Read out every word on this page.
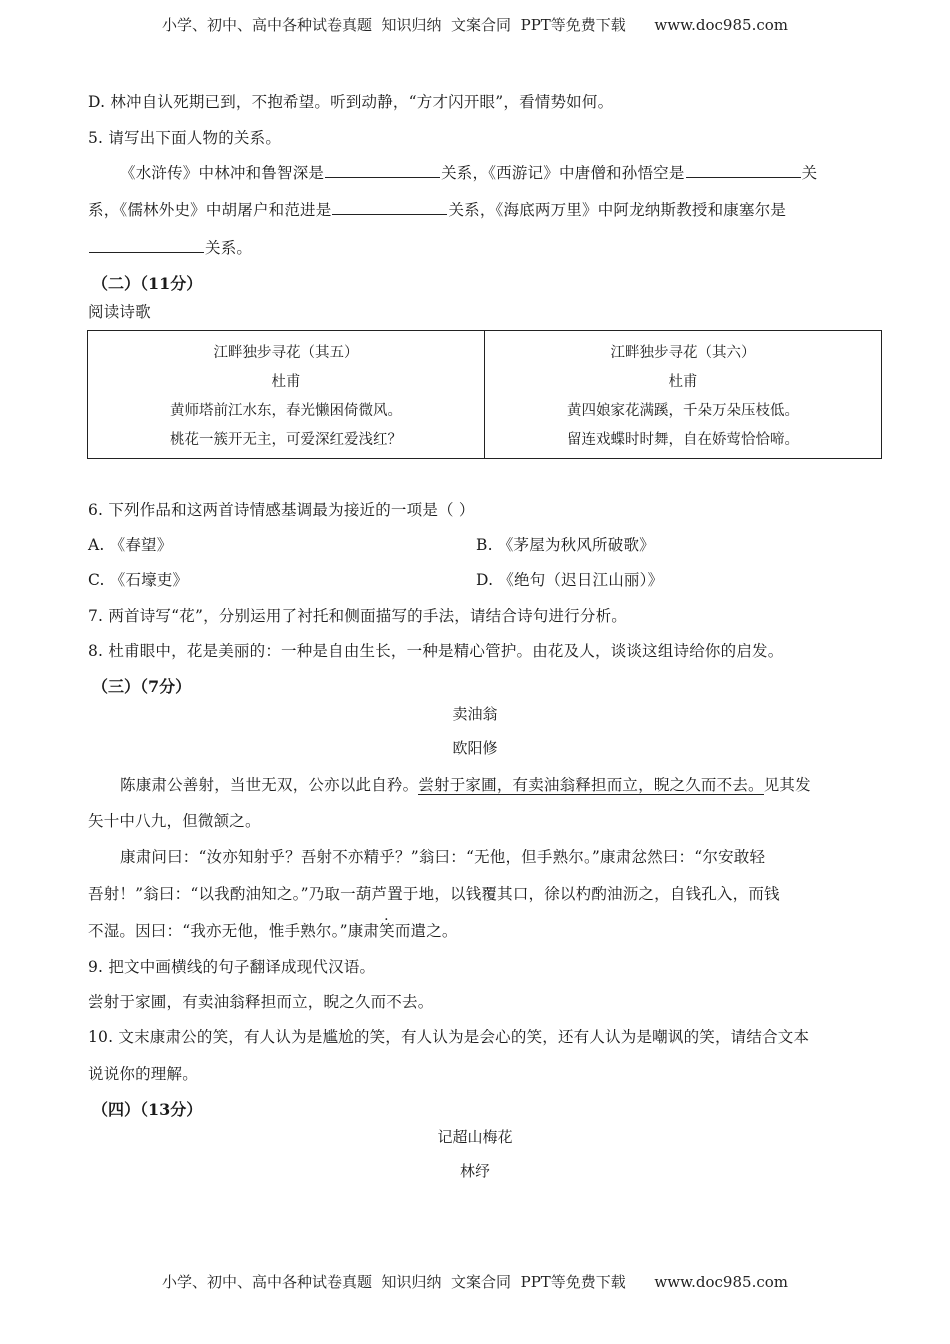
小学、初中、高中各种试卷真题  知识归纳  文案合同  PPT等免费下载      www.doc985.com
D. 林冲自认死期已到，不抱希望。听到动静，“方才闪开眼”，看情势如何。
5. 请写出下面人物的关系。
《水浒传》中林冲和鲁智深是	关系，《西游记》中唐僧和孙悟空是	关
系，《儒林外史》中胡屠户和范进是	关系，《海底两万里》中阿龙纳斯教授和康塞尔是
关系。
（二）（11分）
阅读诗歌
江畔独步寻花（其五）
杜甫
黄师塔前江水东，春光懒困倚微风。
桃花一簇开无主，可爱深红爱浅红？

江畔独步寻花（其六）
杜甫
黄四娘家花满蹊，千朵万朵压枝低。
留连戏蝶时时舞，自在娇莺恰恰啼。
6. 下列作品和这两首诗情感基调最为接近的一项是（ ）
A. 《春望》	B. 《茅屋为秋风所破歌》
C. 《石壕吏》	D. 《绝句（迟日江山丽）》
7. 两首诗写“花”，分别运用了衬托和侧面描写的手法，请结合诗句进行分析。
8. 杜甫眼中，花是美丽的：一种是自由生长，一种是精心管护。由花及人，谈谈这组诗给你的启发。
（三）（7分）
卖油翁
欧阳修
陈康肃公善射，当世无双，公亦以此自矜。尝射于家圃，有卖油翁释担而立，睨之久而不去。见其发
矢十中八九，但微颔之。
康肃问曰：“汝亦知射乎？吾射不亦精乎？”翁曰：“无他，但手熟尔。”康肃忿然曰：“尔安敢轻
吾射！”翁曰：“以我酌油知之。”乃取一葫芦置于地，以钱覆其口，徐以杓酌油沥之，自钱孔入，而钱
不湿。因曰：“我亦无他，惟手熟尔。”康肃笑而遣之。
9. 把文中画横线的句子翻译成现代汉语。
尝射于家圃，有卖油翁释担而立，睨之久而不去。
10. 文末康肃公的笑，有人认为是尴尬的笑，有人认为是会心的笑，还有人认为是嘲讽的笑，请结合文本
说说你的理解。
（四）（13分）
记超山梅花
林纾
小学、初中、高中各种试卷真题  知识归纳  文案合同  PPT等免费下载      www.doc985.com
